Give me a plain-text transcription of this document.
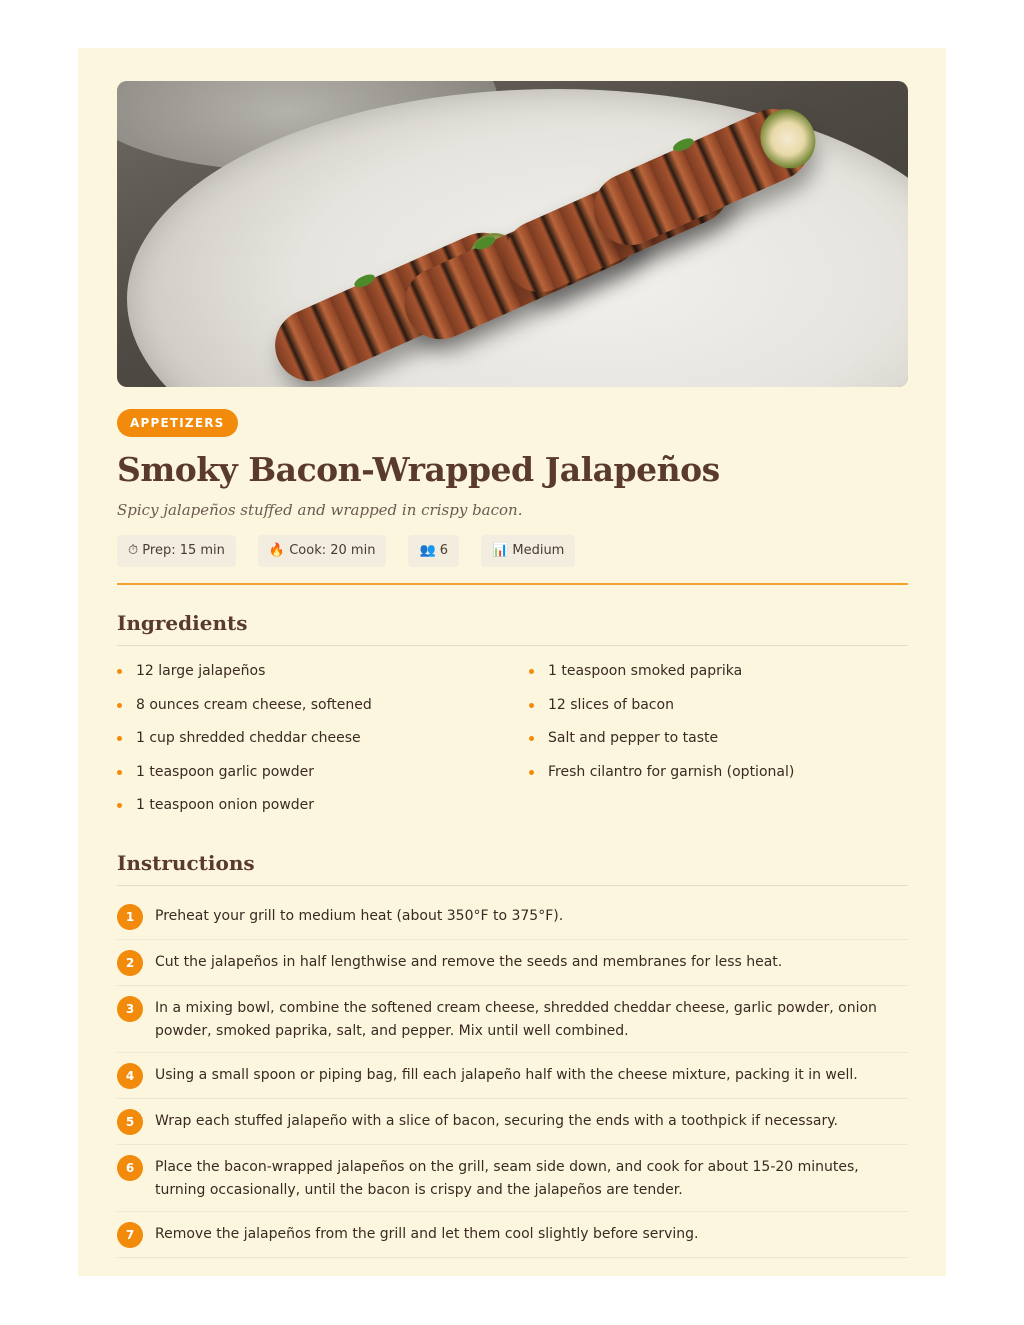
APPETIZERS
Smoky Bacon-Wrapped Jalapeños

Spicy jalapeños stuffed and wrapped in crispy bacon.

⏱ Prep: 15 min	🔥 Cook: 20 min	👥 6	📊 Medium
Ingredients
12 large jalapeños
8 ounces cream cheese, softened
1 cup shredded cheddar cheese
1 teaspoon garlic powder
1 teaspoon onion powder
1 teaspoon smoked paprika
12 slices of bacon
Salt and pepper to taste
Fresh cilantro for garnish (optional)
Instructions
1	Preheat your grill to medium heat (about 350°F to 375°F).
2	Cut the jalapeños in half lengthwise and remove the seeds and membranes for less heat.
3	In a mixing bowl, combine the softened cream cheese, shredded cheddar cheese, garlic powder, onion powder, smoked paprika, salt, and pepper. Mix until well combined.
4	Using a small spoon or piping bag, fill each jalapeño half with the cheese mixture, packing it in well.
5	Wrap each stuffed jalapeño with a slice of bacon, securing the ends with a toothpick if necessary.
6	Place the bacon-wrapped jalapeños on the grill, seam side down, and cook for about 15-20 minutes, turning occasionally, until the bacon is crispy and the jalapeños are tender.
7	Remove the jalapeños from the grill and let them cool slightly before serving.
